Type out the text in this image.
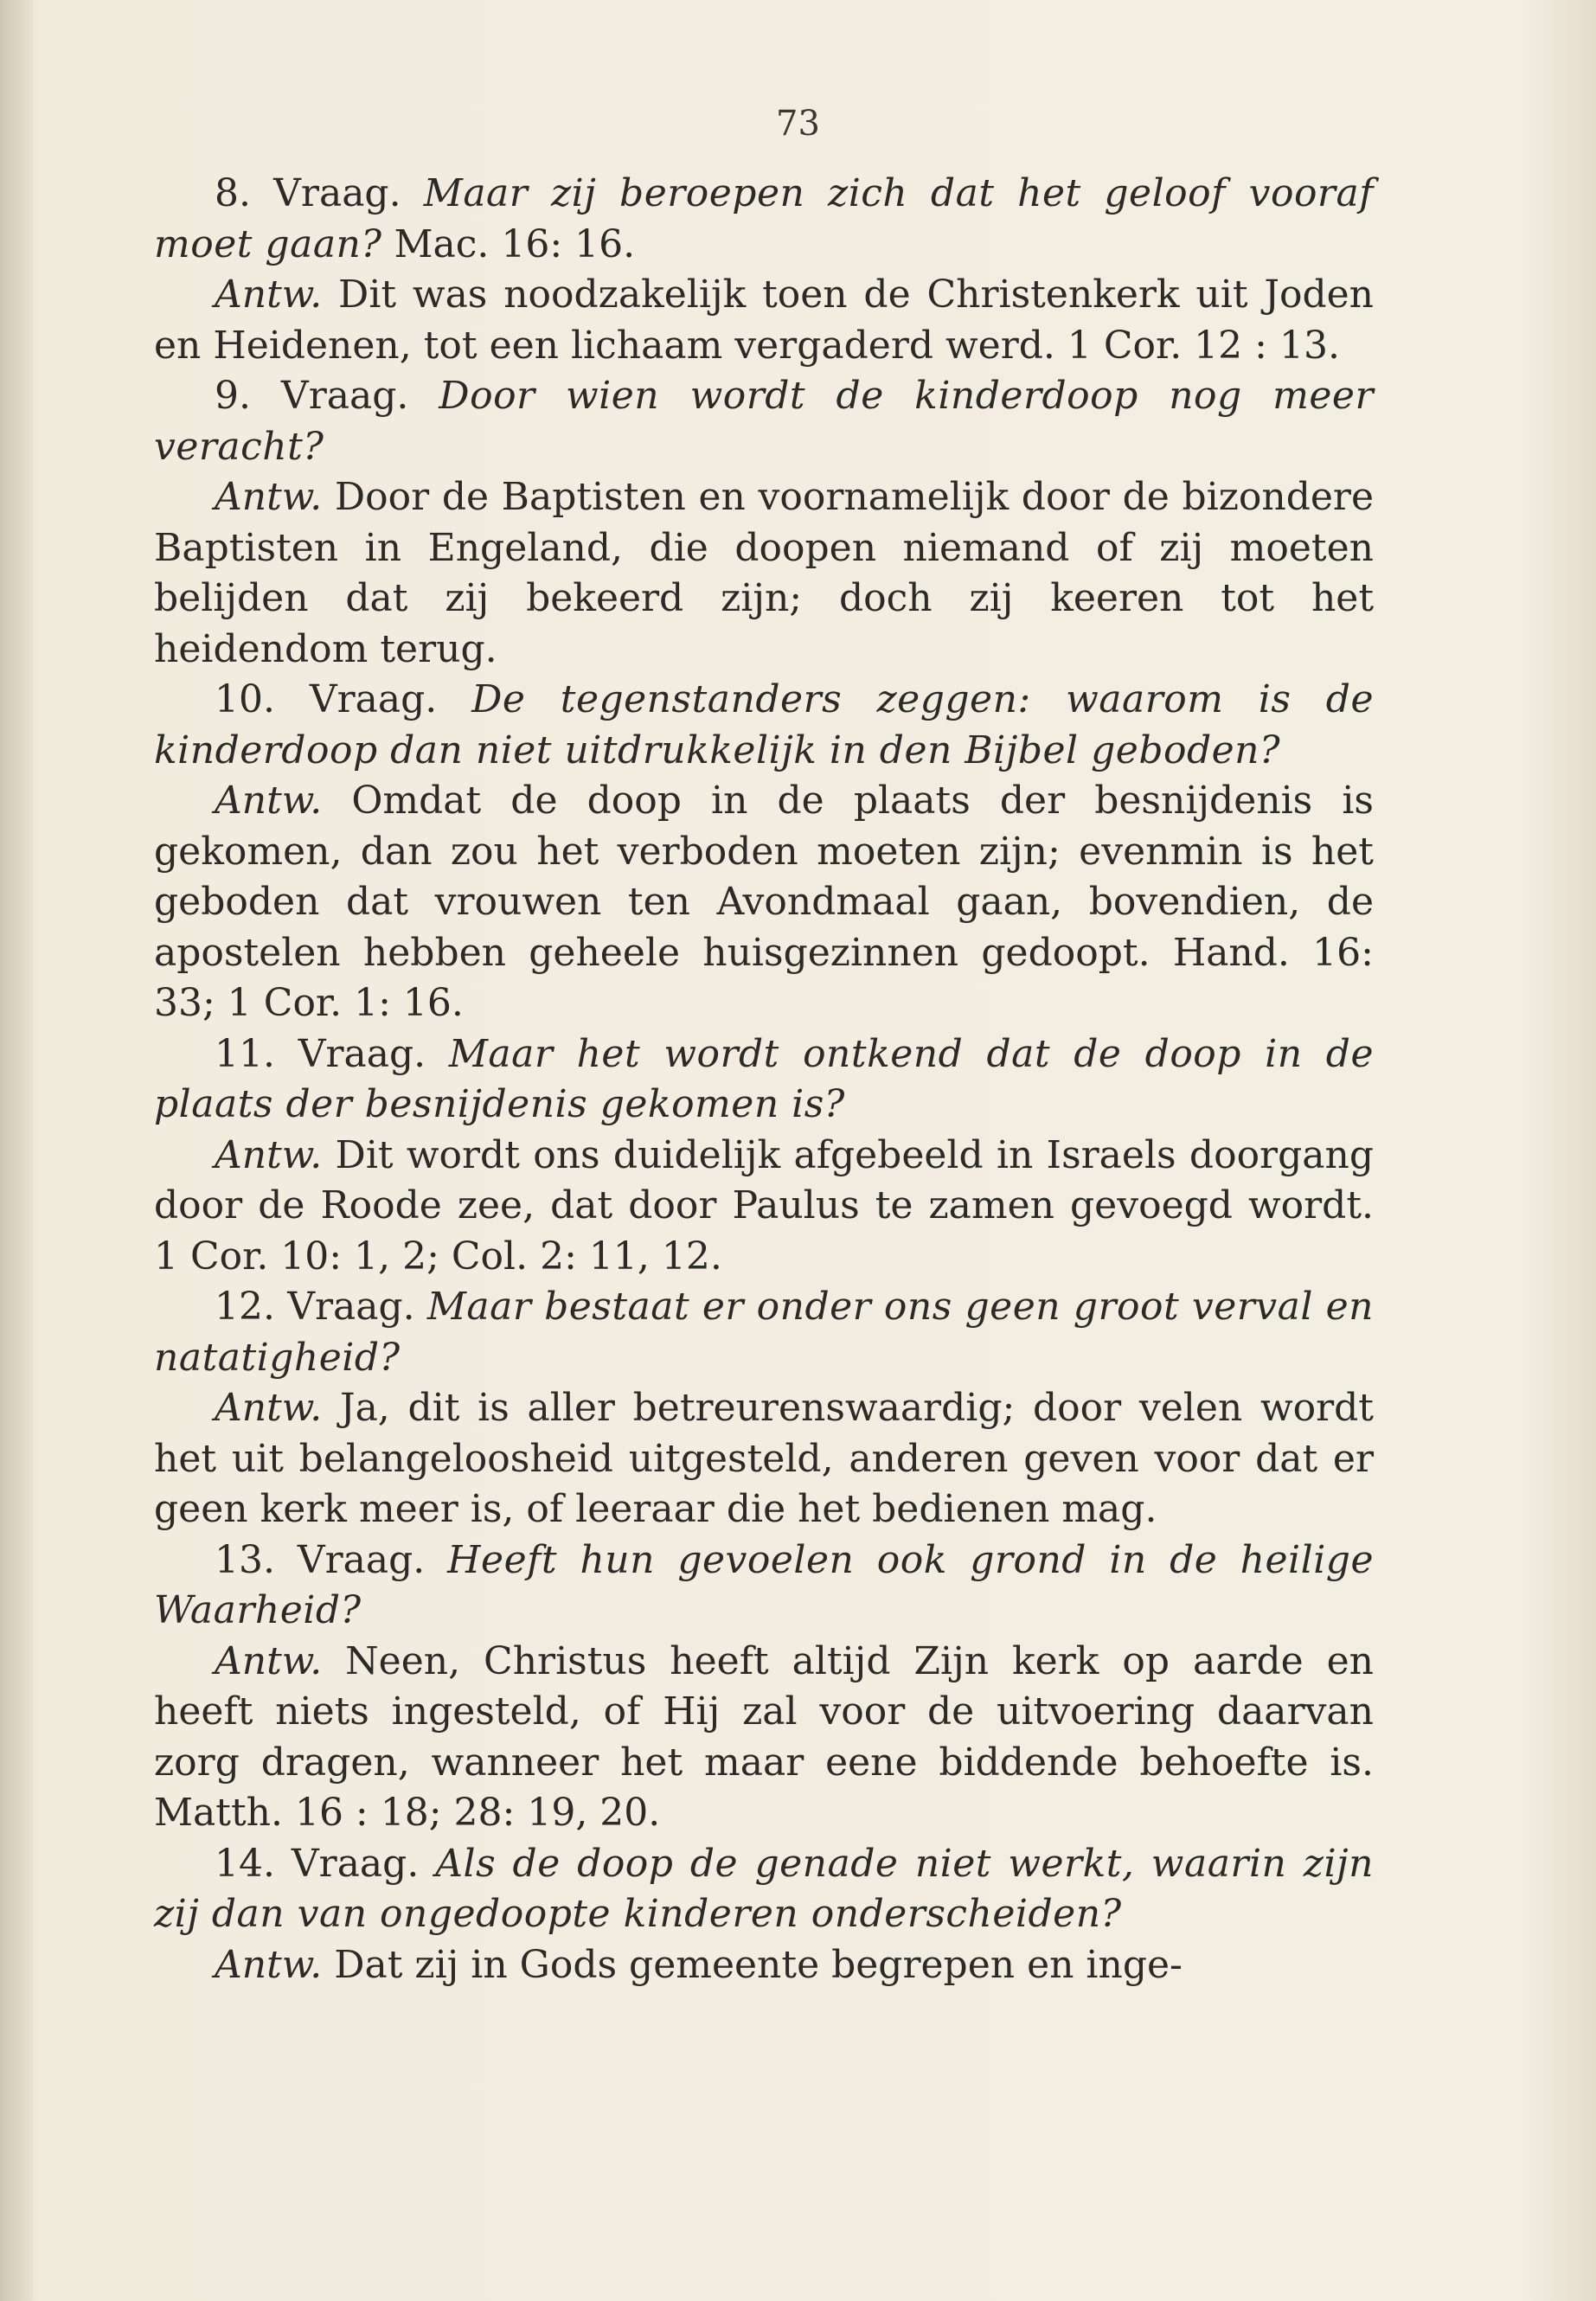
73

8. Vraag. Maar zij beroepen zich dat het geloof vooraf moet gaan? Mac. 16: 16.

Antw. Dit was noodzakelijk toen de Christenkerk uit Joden en Heidenen, tot een lichaam vergaderd werd. 1 Cor. 12 : 13.

9. Vraag. Door wien wordt de kinderdoop nog meer veracht?

Antw. Door de Baptisten en voornamelijk door de bizondere Baptisten in Engeland, die doopen niemand of zij moeten belijden dat zij bekeerd zijn; doch zij keeren tot het heidendom terug.

10. Vraag. De tegenstanders zeggen: waarom is de kinderdoop dan niet uitdrukkelijk in den Bijbel geboden?

Antw. Omdat de doop in de plaats der besnijdenis is gekomen, dan zou het verboden moeten zijn; evenmin is het geboden dat vrouwen ten Avondmaal gaan, bovendien, de apostelen hebben geheele huisgezinnen gedoopt. Hand. 16: 33; 1 Cor. 1: 16.

11. Vraag. Maar het wordt ontkend dat de doop in de plaats der besnijdenis gekomen is?

Antw. Dit wordt ons duidelijk afgebeeld in Israels doorgang door de Roode zee, dat door Paulus te zamen gevoegd wordt. 1 Cor. 10: 1, 2; Col. 2: 11, 12.

12. Vraag. Maar bestaat er onder ons geen groot verval en natatigheid?

Antw. Ja, dit is aller betreurenswaardig; door velen wordt het uit belangeloosheid uitgesteld, anderen geven voor dat er geen kerk meer is, of leeraar die het bedienen mag.

13. Vraag. Heeft hun gevoelen ook grond in de heilige Waarheid?

Antw. Neen, Christus heeft altijd Zijn kerk op aarde en heeft niets ingesteld, of Hij zal voor de uitvoering daarvan zorg dragen, wanneer het maar eene biddende behoefte is. Matth. 16 : 18; 28: 19, 20.

14. Vraag. Als de doop de genade niet werkt, waarin zijn zij dan van ongedoopte kinderen onderscheiden?

Antw. Dat zij in Gods gemeente begrepen en inge-
